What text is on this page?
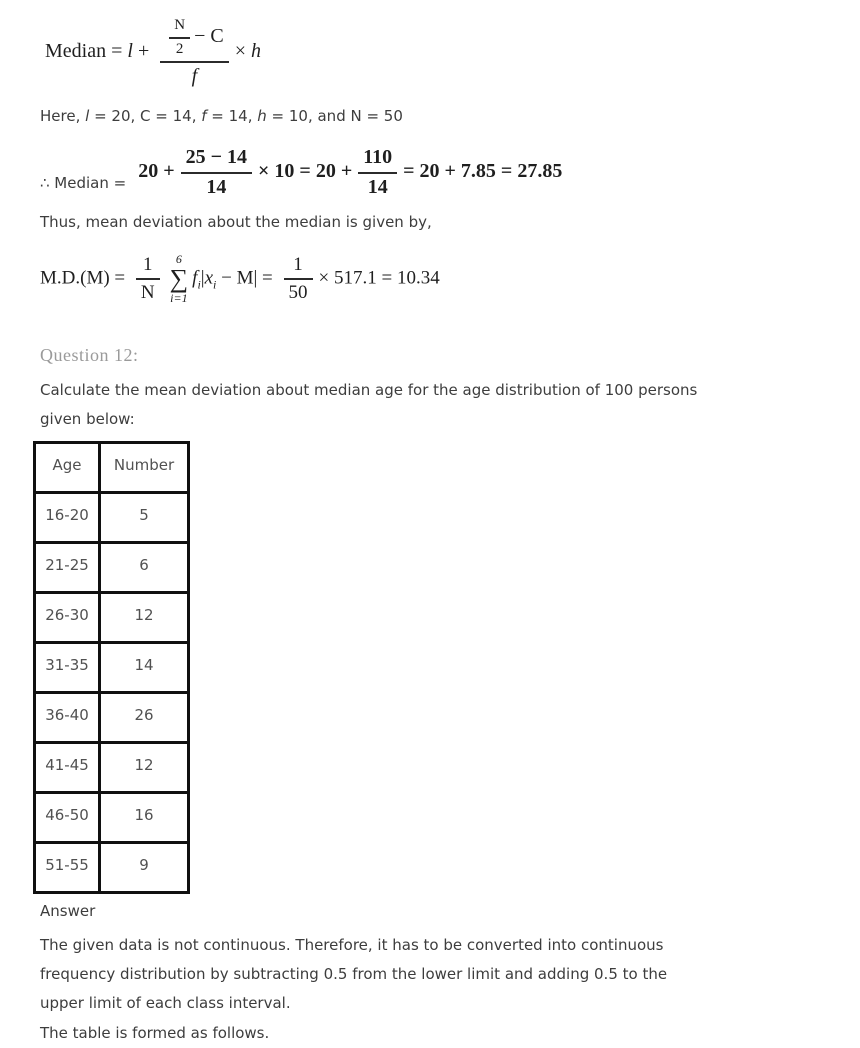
Median = $l + \frac{\frac{N}{2} - C}{f} \times h$
Here, l = 20, C = 14, f = 14, h = 10, and N = 50
∴ Median =
$20 + \frac{25 - 14}{14} \times 10 = 20 + \frac{110}{14} = 20 + 7.85 = 27.85$
Thus, mean deviation about the median is given by,
$M.D.(M) = \frac{1}{N} 6$
∑
i=1
$f_i|x_i - M| = \frac{1}{50} \times 517.1 = 10.34$
Question 12:
Calculate the mean deviation about median age for the age distribution of 100 persons
given below:
Age	Number
16-20	5
21-25	6
26-30	12
31-35	14
36-40	26
41-45	12
46-50	16
51-55	9
Answer
The given data is not continuous. Therefore, it has to be converted into continuous
frequency distribution by subtracting 0.5 from the lower limit and adding 0.5 to the
upper limit of each class interval.
The table is formed as follows.
